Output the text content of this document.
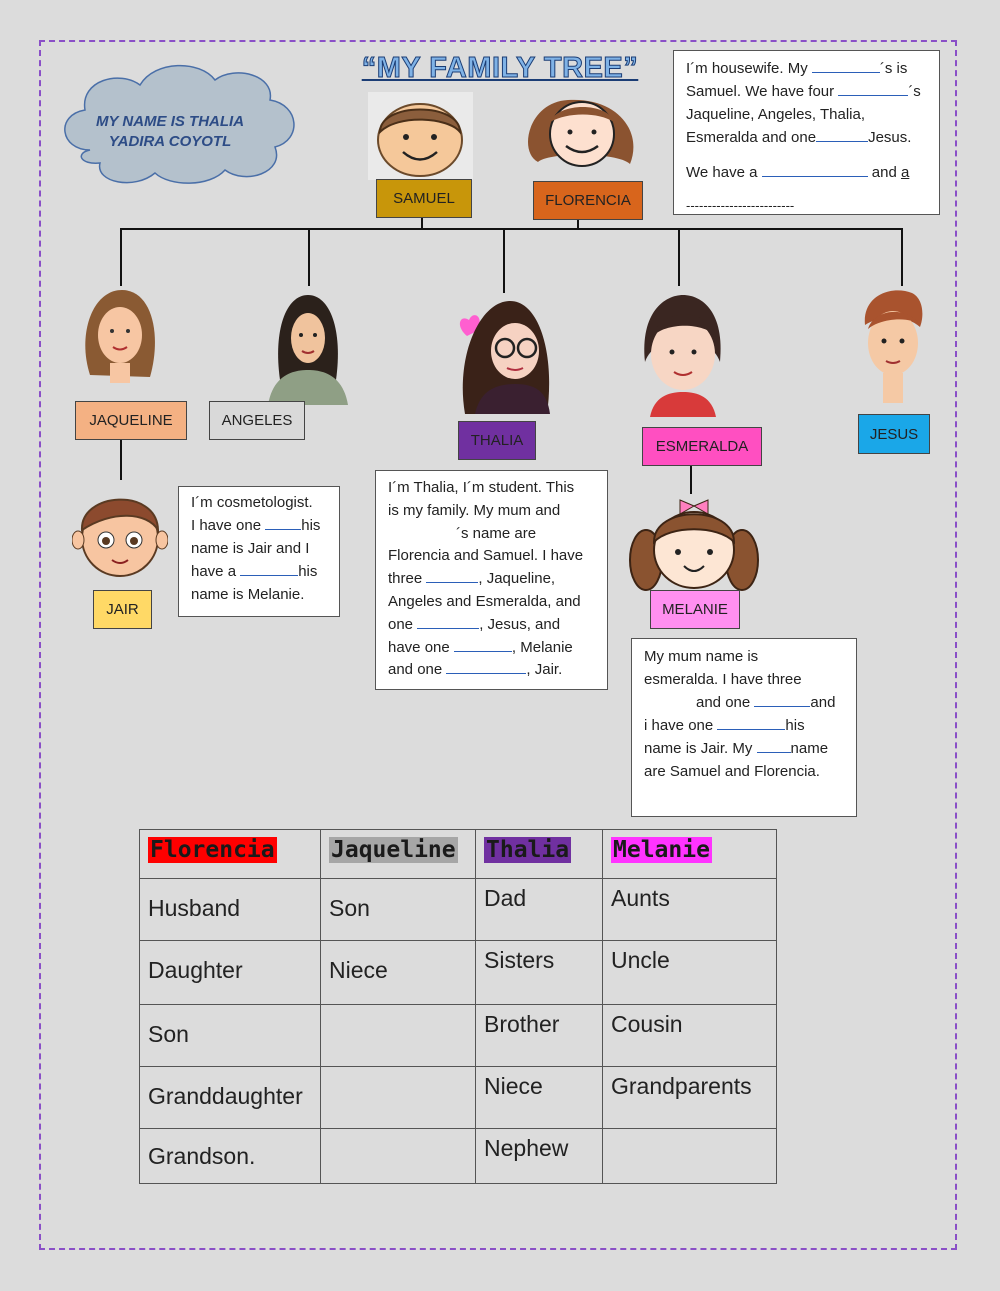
MY NAME IS THALIA
YADIRA COYOTL
“MY FAMILY TREE”
SAMUEL	FLORENCIA
JAQUELINE	ANGELES
THALIA	ESMERALDA
JESUS
JAIR	MELANIE
I´m housewife. My	´s is
Samuel. We have four	´s
Jaqueline, Angeles, Thalia,
Esmeralda and one	Jesus.
We have a	and a
-------------------------
I´m cosmetologist.
I have one his
name is Jair and I
have a	his
name is Melanie.
I´m Thalia, I´m student. This
is my family. My mum and
´s name are
Florencia and Samuel. I have
three	, Jaqueline,
Angeles and Esmeralda, and
one	, Jesus, and
have one	, Melanie
and one	, Jair.
My mum name is
esmeralda. I have three
and one	and
i have one	his
name is Jair. My name
are Samuel and Florencia.
Florencia	Jaqueline	Thalia	Melanie
Husband	Son	Dad	Aunts
Daughter	Niece	Sisters	Uncle
Son		Brother	Cousin
Granddaughter		Niece	Grandparents
Grandson.		Nephew	
